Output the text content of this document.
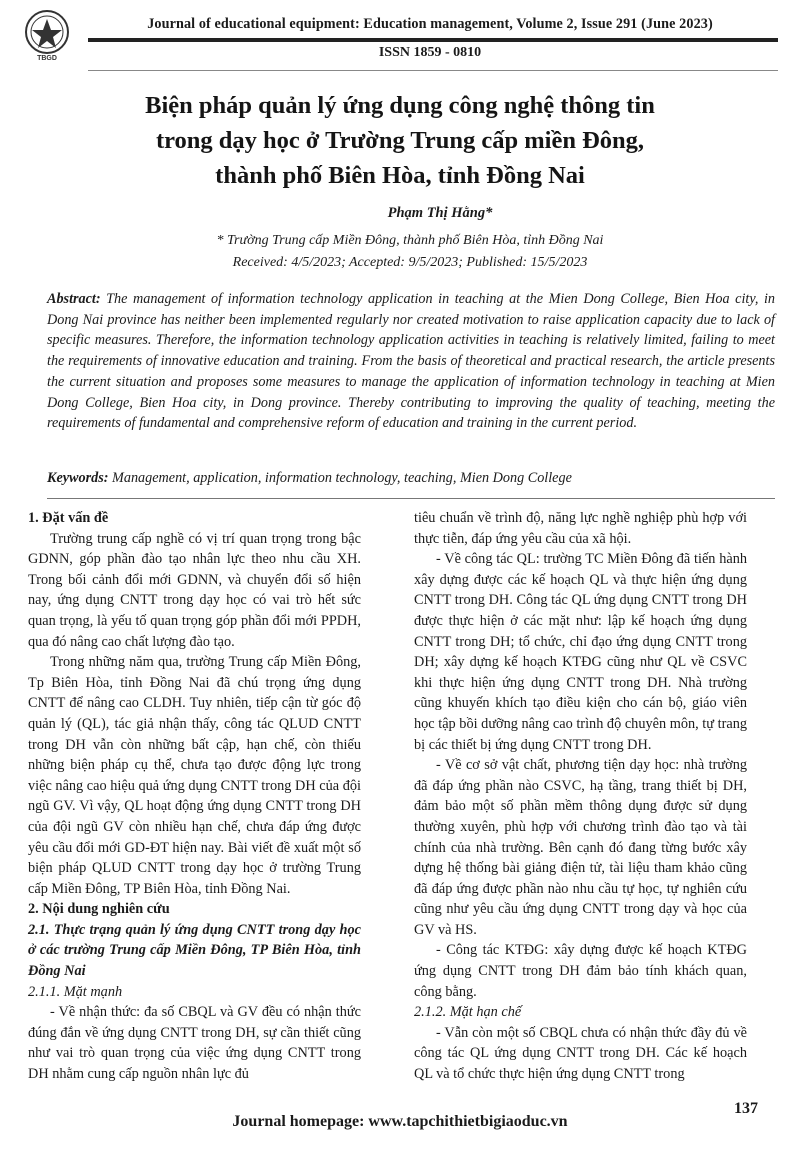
TBGD
Journal of educational equipment: Education management, Volume 2, Issue 291 (June 2023)
ISSN 1859 - 0810
Biện pháp quản lý ứng dụng công nghệ thông tin
trong dạy học ở Trường Trung cấp miền Đông,
thành phố Biên Hòa, tỉnh Đồng Nai
Phạm Thị Hằng*
* Trường Trung cấp Miền Đông, thành phố Biên Hòa, tỉnh Đồng Nai
Received: 4/5/2023; Accepted: 9/5/2023; Published: 15/5/2023
Abstract: The management of information technology application in teaching at the Mien Dong College, Bien Hoa city, in Dong Nai province has neither been implemented regularly nor created motivation to raise application capacity due to lack of specific measures. Therefore, the information technology application activities in teaching is relatively limited, failing to meet the requirements of innovative education and training. From the basis of theoretical and practical research, the article presents the current situation and proposes some measures to manage the application of information technology in teaching at Mien Dong College, Bien Hoa city, in Dong province. Thereby contributing to improving the quality of teaching, meeting the requirements of fundamental and comprehensive reform of education and training in the current period.
Keywords: Management, application, information technology, teaching, Mien Dong College

1. Đặt vấn đề

Trường trung cấp nghề có vị trí quan trọng trong bậc GDNN, góp phần đào tạo nhân lực theo nhu cầu XH. Trong bối cảnh đổi mới GDNN, và chuyển đổi số hiện nay, ứng dụng CNTT trong dạy học có vai trò hết sức quan trọng, là yếu tố quan trọng góp phần đổi mới PPDH, qua đó nâng cao chất lượng đào tạo.

Trong những năm qua, trường Trung cấp Miền Đông, Tp Biên Hòa, tỉnh Đồng Nai đã chú trọng ứng dụng CNTT để nâng cao CLDH. Tuy nhiên, tiếp cận từ góc độ quản lý (QL), tác giả nhận thấy, công tác QLUD CNTT trong DH vẫn còn những bất cập, hạn chế, còn thiếu những biện pháp cụ thể, chưa tạo được động lực trong việc nâng cao hiệu quả ứng dụng CNTT trong DH của đội ngũ GV. Vì vậy, QL hoạt động ứng dụng CNTT trong DH của đội ngũ GV còn nhiều hạn chế, chưa đáp ứng được yêu cầu đổi mới GD-ĐT hiện nay. Bài viết đề xuất một số biện pháp QLUD CNTT trong dạy học ở trường Trung cấp Miền Đông, TP Biên Hòa, tỉnh Đồng Nai.

2. Nội dung nghiên cứu

2.1. Thực trạng quản lý ứng dụng CNTT trong dạy học ở các trường Trung cấp Miền Đông, TP Biên Hòa, tỉnh Đồng Nai

2.1.1. Mặt mạnh

- Về nhận thức: đa số CBQL và GV đều có nhận thức đúng đắn về ứng dụng CNTT trong DH, sự cần thiết cũng như vai trò quan trọng của việc ứng dụng CNTT trong DH nhằm cung cấp nguồn nhân lực đủ

tiêu chuẩn về trình độ, năng lực nghề nghiệp phù hợp với thực tiễn, đáp ứng yêu cầu của xã hội.

- Về công tác QL: trường TC Miền Đông đã tiến hành xây dựng được các kế hoạch QL và thực hiện ứng dụng CNTT trong DH. Công tác QL ứng dụng CNTT trong DH được thực hiện ở các mặt như: lập kế hoạch ứng dụng CNTT trong DH; tổ chức, chỉ đạo ứng dụng CNTT trong DH; xây dựng kế hoạch KTĐG cũng như QL về CSVC khi thực hiện ứng dụng CNTT trong DH. Nhà trường cũng khuyến khích tạo điều kiện cho cán bộ, giáo viên học tập bồi dưỡng nâng cao trình độ chuyên môn, tự trang bị các thiết bị ứng dụng CNTT trong DH.

- Về cơ sở vật chất, phương tiện dạy học: nhà trường đã đáp ứng phần nào CSVC, hạ tầng, trang thiết bị DH, đảm bảo một số phần mềm thông dụng được sử dụng thường xuyên, phù hợp với chương trình đào tạo và tài chính của nhà trường. Bên cạnh đó đang từng bước xây dựng hệ thống bài giảng điện tử, tài liệu tham khảo cũng đã đáp ứng được phần nào nhu cầu tự học, tự nghiên cứu cũng như yêu cầu ứng dụng CNTT trong dạy và học của GV và HS.

- Công tác KTĐG: xây dựng được kế hoạch KTĐG ứng dụng CNTT trong DH đảm bảo tính khách quan, công bằng.

2.1.2. Mặt hạn chế

- Vẫn còn một số CBQL chưa có nhận thức đầy đủ về công tác QL ứng dụng CNTT trong DH. Các kế hoạch QL và tổ chức thực hiện ứng dụng CNTT trong

137
Journal homepage: www.tapchithietbigiaoduc.vn
